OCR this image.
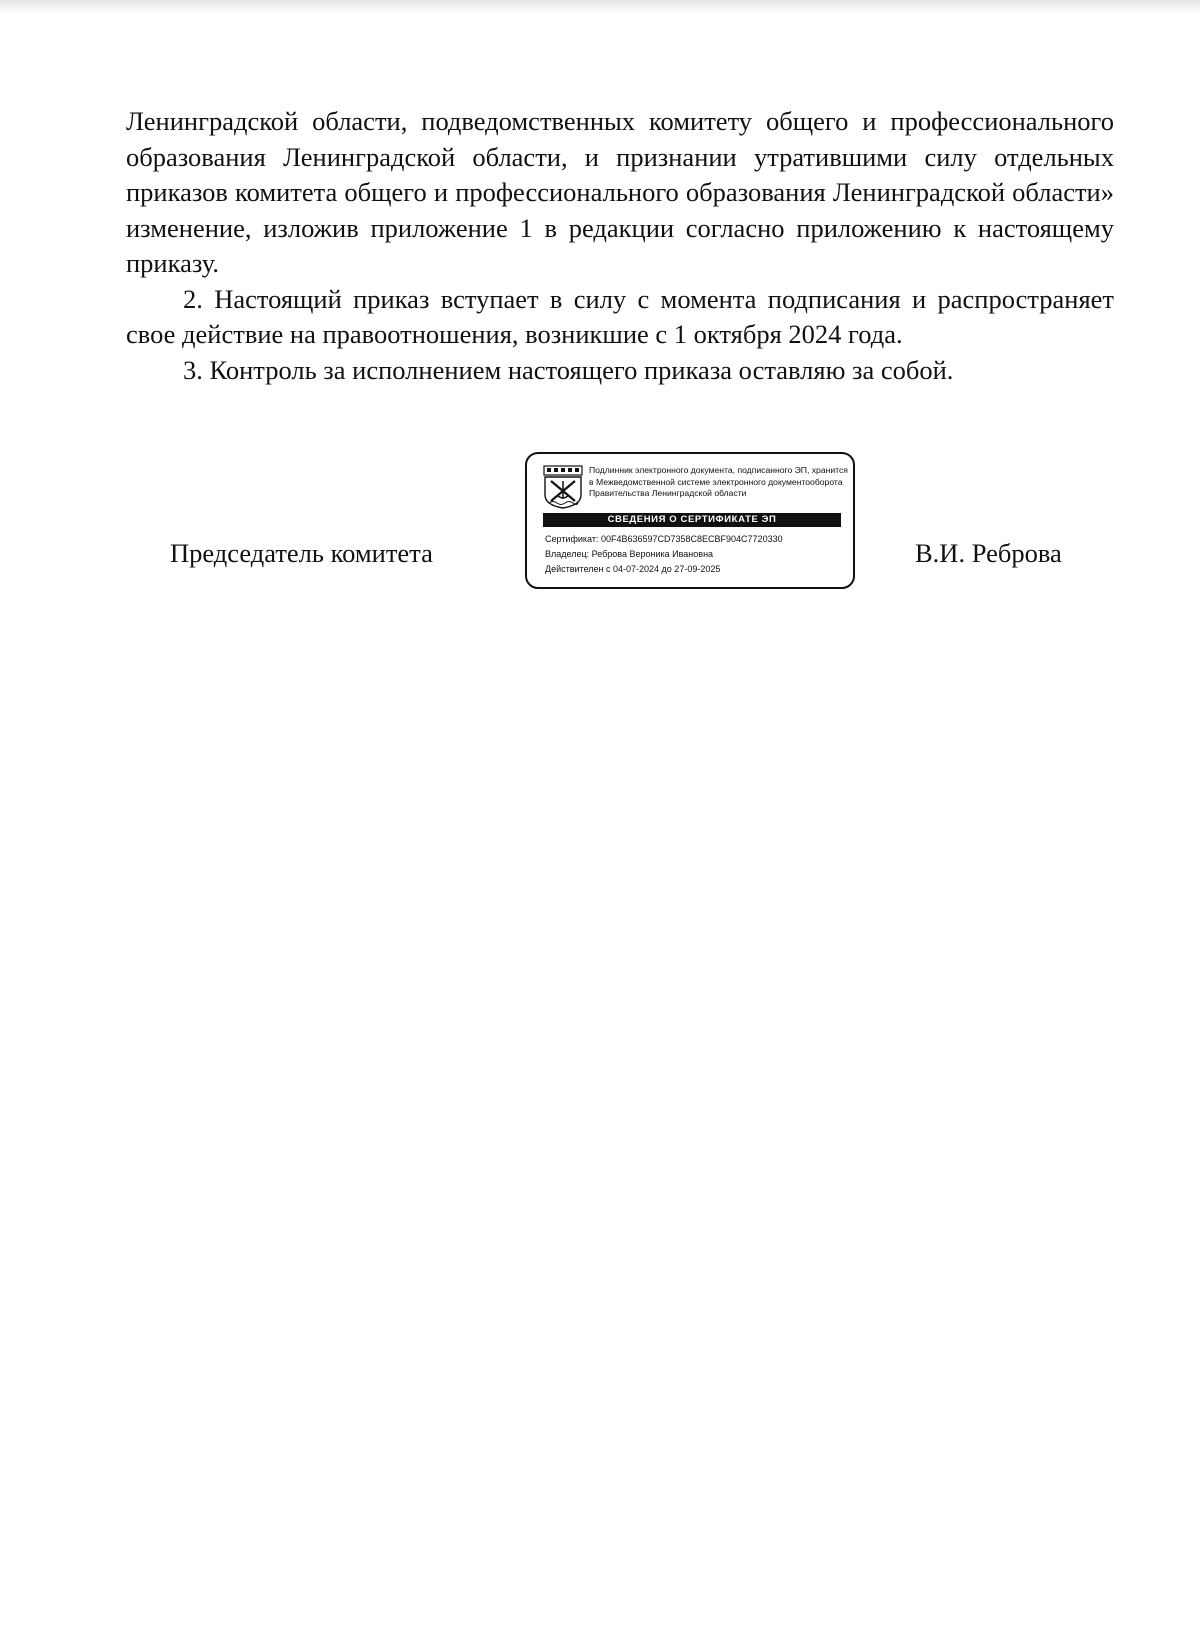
Ленинградской области, подведомственных комитету общего и профессионального образования Ленинградской области, и признании утратившими силу отдельных приказов комитета общего и профессионального образования Ленинградской области» изменение, изложив приложение 1 в редакции согласно приложению к настоящему приказу.

2. Настоящий приказ вступает в силу с момента подписания и распространяет свое действие на правоотношения, возникшие с 1 октября 2024 года.

3. Контроль за исполнением настоящего приказа оставляю за собой.

Председатель комитета
Подлинник электронного документа, подписанного ЭП, хранится в Межведомственной системе электронного документооборота Правительства Ленинградской области
СВЕДЕНИЯ О СЕРТИФИКАТЕ ЭП
Сертификат: 00F4B636597CD7358C8ECBF904C7720330
Владелец: Реброва Вероника Ивановна
Действителен с 04-07-2024 до 27-09-2025
В.И. Реброва
